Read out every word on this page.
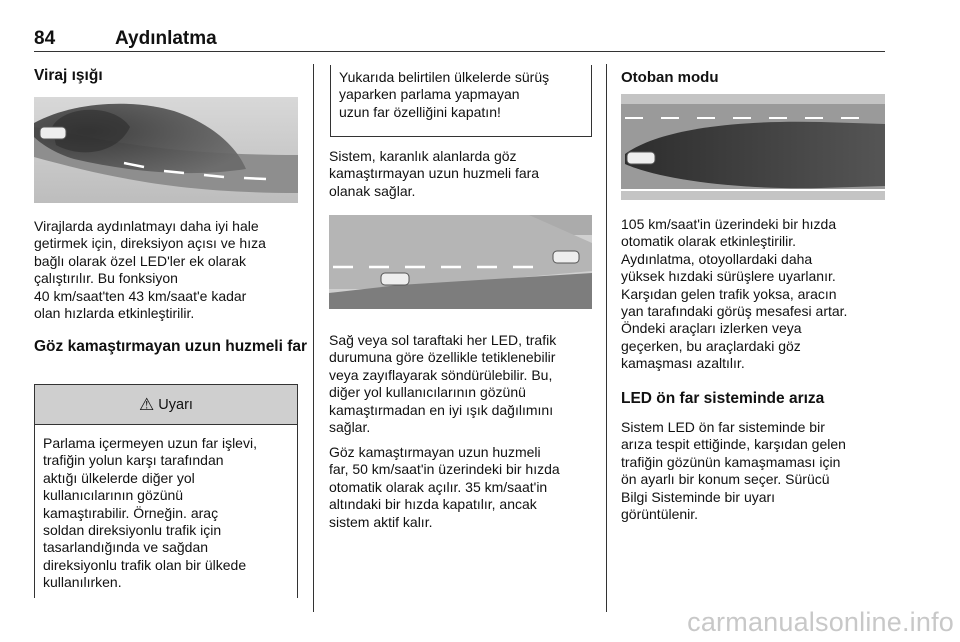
84	Aydınlatma
Viraj ışığı
Virajlarda aydınlatmayı daha iyi hale
getirmek için, direksiyon açısı ve hıza
bağlı olarak özel LED'ler ek olarak
çalıştırılır. Bu fonksiyon
40 km/saat'ten 43 km/saat'e kadar
olan hızlarda etkinleştirilir.
Göz kamaştırmayan uzun huzmeli far
⚠ Uyarı
Parlama içermeyen uzun far işlevi,
trafiğin yolun karşı tarafından
aktığı ülkelerde diğer yol
kullanıcılarının gözünü
kamaştırabilir. Örneğin. araç
soldan direksiyonlu trafik için
tasarlandığında ve sağdan
direksiyonlu trafik olan bir ülkede
kullanılırken.
Yukarıda belirtilen ülkelerde sürüş
yaparken parlama yapmayan
uzun far özelliğini kapatın!
Sistem, karanlık alanlarda göz
kamaştırmayan uzun huzmeli fara
olanak sağlar.
Sağ veya sol taraftaki her LED, trafik
durumuna göre özellikle tetiklenebilir
veya zayıflayarak söndürülebilir. Bu,
diğer yol kullanıcılarının gözünü
kamaştırmadan en iyi ışık dağılımını
sağlar.
Göz kamaştırmayan uzun huzmeli
far, 50 km/saat'in üzerindeki bir hızda
otomatik olarak açılır. 35 km/saat'in
altındaki bir hızda kapatılır, ancak
sistem aktif kalır.
Otoban modu
105 km/saat'in üzerindeki bir hızda
otomatik olarak etkinleştirilir.
Aydınlatma, otoyollardaki daha
yüksek hızdaki sürüşlere uyarlanır.
Karşıdan gelen trafik yoksa, aracın
yan tarafındaki görüş mesafesi artar.
Öndeki araçları izlerken veya
geçerken, bu araçlardaki göz
kamaşması azaltılır.
LED ön far sisteminde arıza
Sistem LED ön far sisteminde bir
arıza tespit ettiğinde, karşıdan gelen
trafiğin gözünün kamaşmaması için
ön ayarlı bir konum seçer. Sürücü
Bilgi Sisteminde bir uyarı
görüntülenir.
carmanualsonline.info
